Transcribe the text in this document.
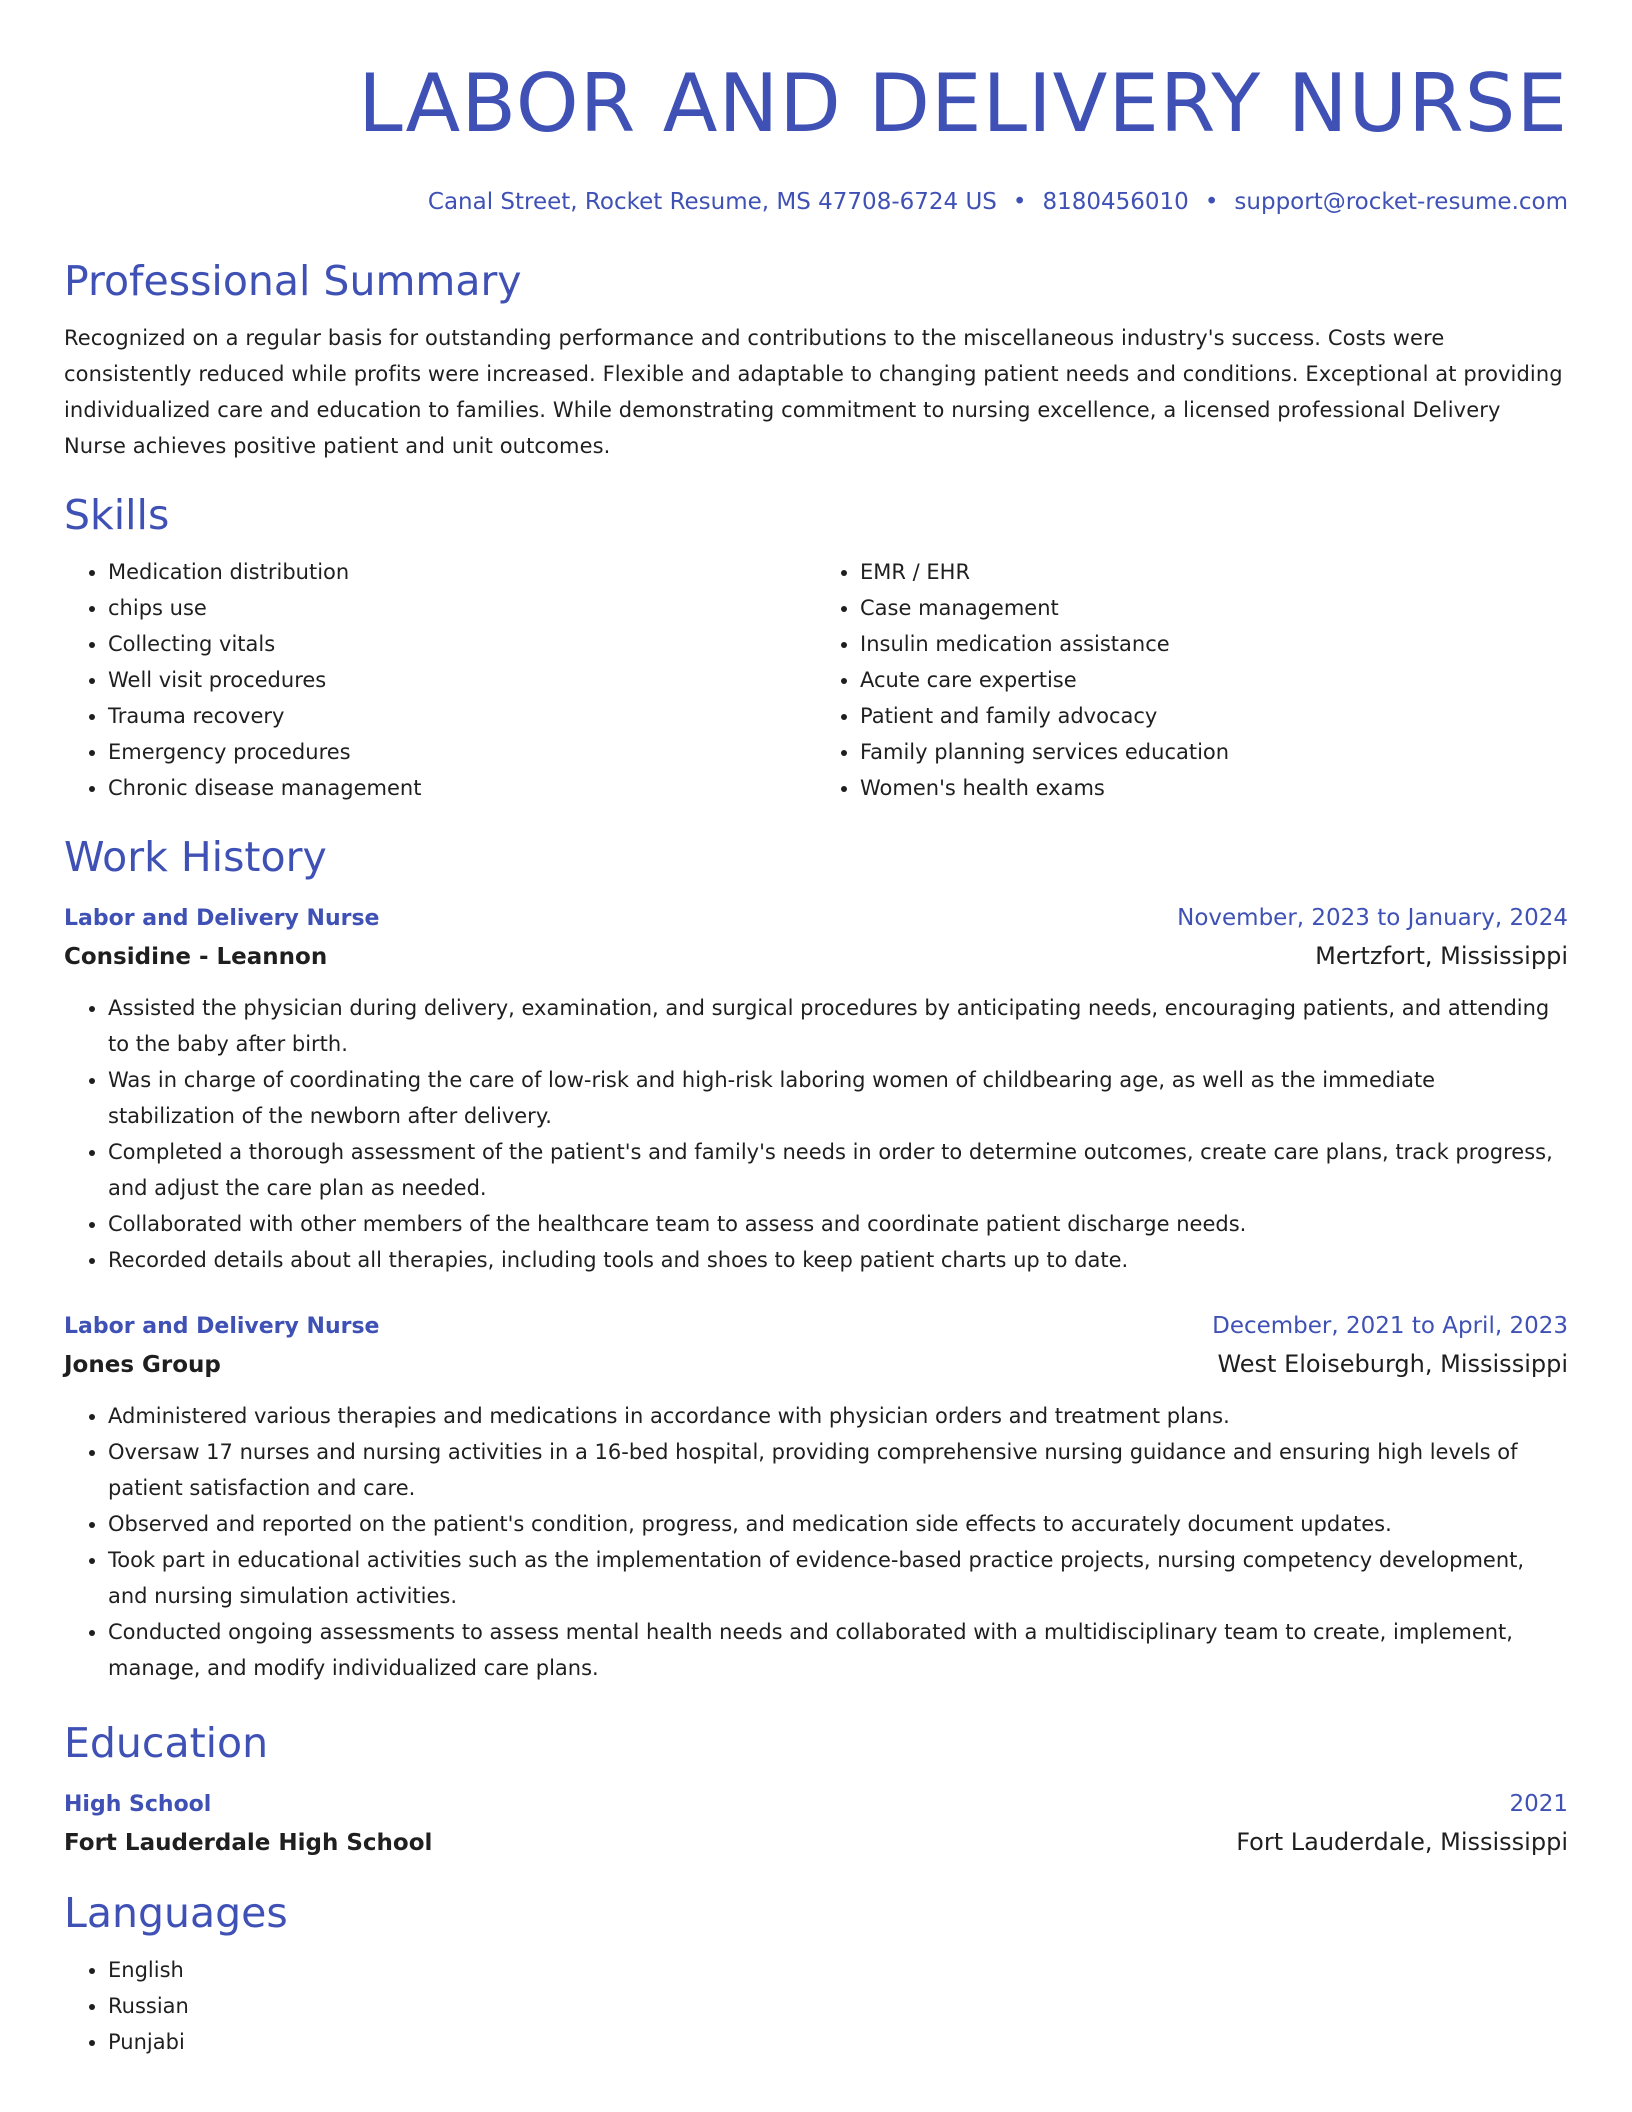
LABOR AND DELIVERY NURSE
Canal Street, Rocket Resume, MS 47708-6724 US • 8180456010 • support@rocket-resume.com
Professional Summary
Recognized on a regular basis for outstanding performance and contributions to the miscellaneous industry's success. Costs were consistently reduced while profits were increased. Flexible and adaptable to changing patient needs and conditions. Exceptional at providing individualized care and education to families. While demonstrating commitment to nursing excellence, a licensed professional Delivery Nurse achieves positive patient and unit outcomes.
Skills
• Medication distribution
• chips use
• Collecting vitals
• Well visit procedures
• Trauma recovery
• Emergency procedures
• Chronic disease management
• EMR / EHR
• Case management
• Insulin medication assistance
• Acute care expertise
• Patient and family advocacy
• Family planning services education
• Women's health exams
Work History
Labor and Delivery Nurse	November, 2023 to January, 2024
Considine - Leannon	Mertzfort, Mississippi
• Assisted the physician during delivery, examination, and surgical procedures by anticipating needs, encouraging patients, and attending to the baby after birth.
• Was in charge of coordinating the care of low-risk and high-risk laboring women of childbearing age, as well as the immediate stabilization of the newborn after delivery.
• Completed a thorough assessment of the patient's and family's needs in order to determine outcomes, create care plans, track progress, and adjust the care plan as needed.
• Collaborated with other members of the healthcare team to assess and coordinate patient discharge needs.
• Recorded details about all therapies, including tools and shoes to keep patient charts up to date.
Labor and Delivery Nurse	December, 2021 to April, 2023
Jones Group	West Eloiseburgh, Mississippi
• Administered various therapies and medications in accordance with physician orders and treatment plans.
• Oversaw 17 nurses and nursing activities in a 16-bed hospital, providing comprehensive nursing guidance and ensuring high levels of patient satisfaction and care.
• Observed and reported on the patient's condition, progress, and medication side effects to accurately document updates.
• Took part in educational activities such as the implementation of evidence-based practice projects, nursing competency development, and nursing simulation activities.
• Conducted ongoing assessments to assess mental health needs and collaborated with a multidisciplinary team to create, implement, manage, and modify individualized care plans.
Education
High School	2021
Fort Lauderdale High School	Fort Lauderdale, Mississippi
Languages
• English
• Russian
• Punjabi
